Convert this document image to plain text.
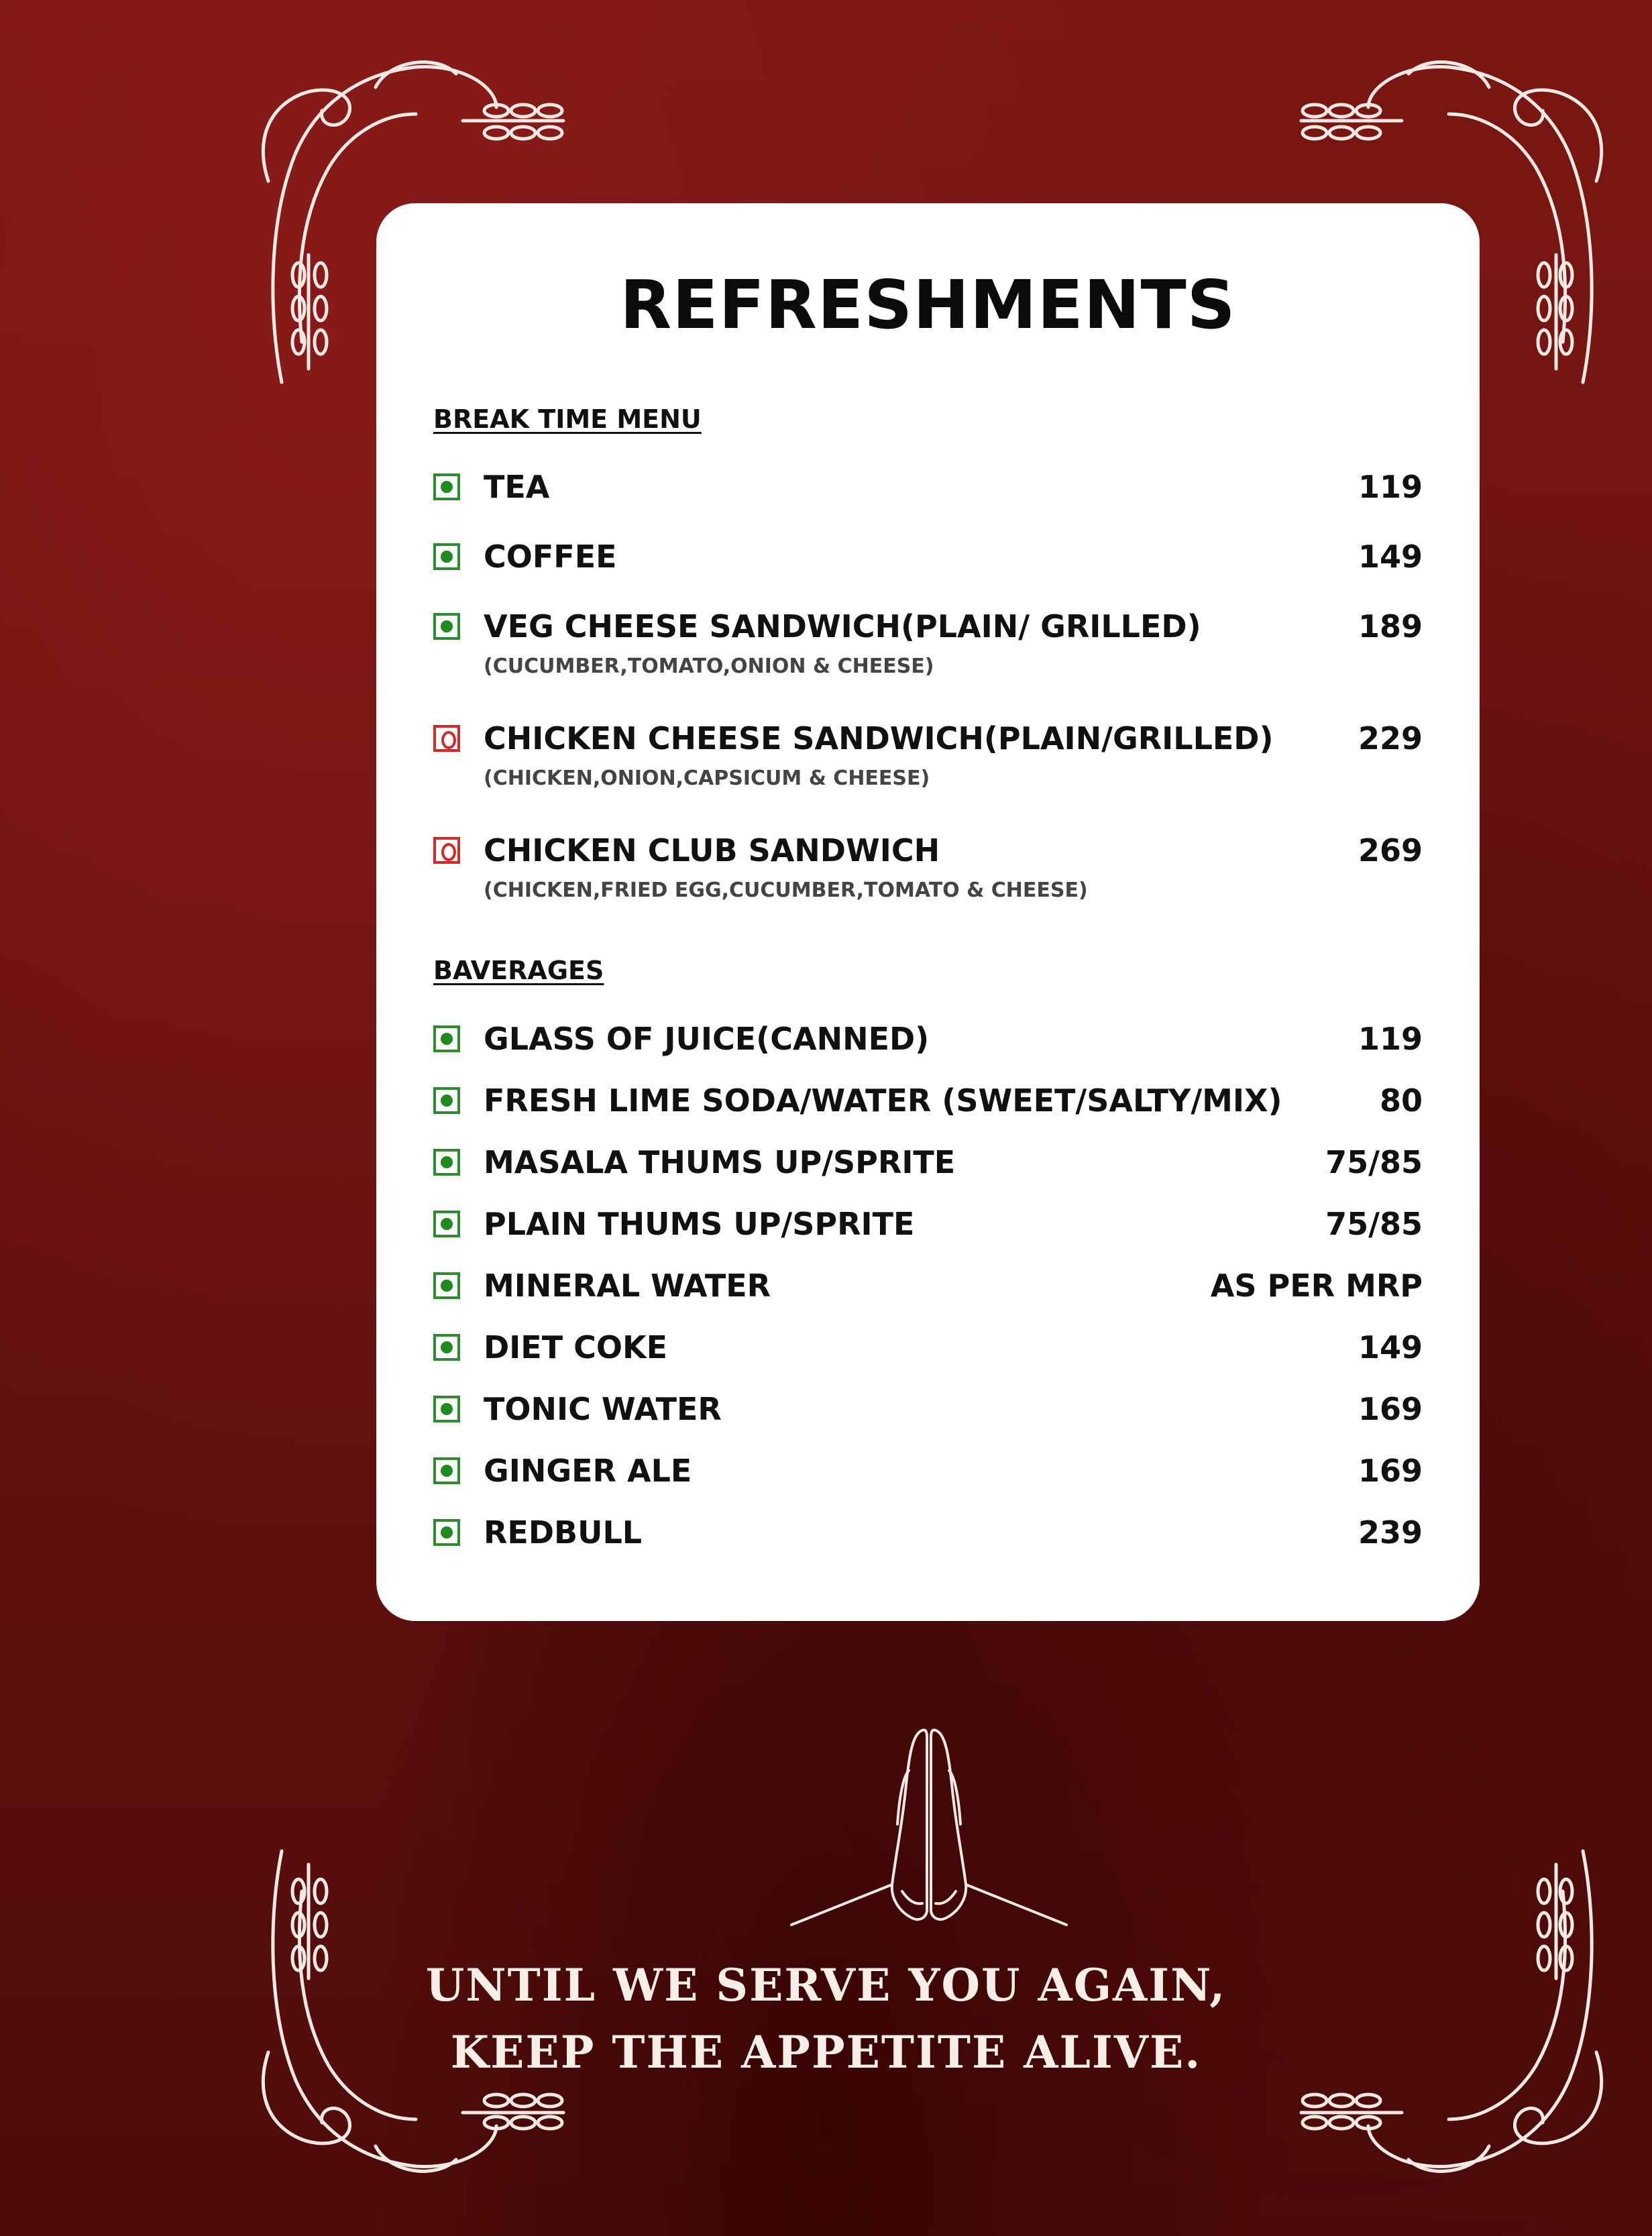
REFRESHMENTS
BREAK TIME MENU
TEA	119
COFFEE	149
VEG CHEESE SANDWICH(PLAIN/ GRILLED)	189
(CUCUMBER,TOMATO,ONION & CHEESE)
CHICKEN CHEESE SANDWICH(PLAIN/GRILLED)	229
(CHICKEN,ONION,CAPSICUM & CHEESE)
CHICKEN CLUB SANDWICH	269
(CHICKEN,FRIED EGG,CUCUMBER,TOMATO & CHEESE)
BAVERAGES
GLASS OF JUICE(CANNED)	119
FRESH LIME SODA/WATER (SWEET/SALTY/MIX)	80
MASALA THUMS UP/SPRITE	75/85
PLAIN THUMS UP/SPRITE	75/85
MINERAL WATER	AS PER MRP
DIET COKE	149
TONIC WATER	169
GINGER ALE	169
REDBULL	239
UNTIL WE SERVE YOU AGAIN,
KEEP THE APPETITE ALIVE.
